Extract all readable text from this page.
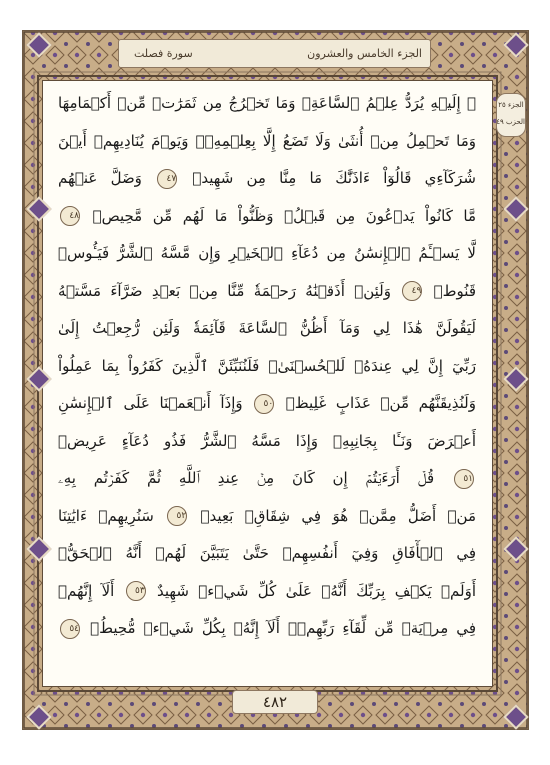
الجزء الخامس والعشرون
سورة فصلت
الجزء ٢٥
الحزب ٤٩
۞ إِلَيۡهِ يُرَدُّ عِلۡمُ ٱلسَّاعَةِۚ وَمَا تَخۡرُجُ مِن ثَمَرَٰتٖ مِّنۡ أَكۡمَامِهَا
وَمَا تَحۡمِلُ مِنۡ أُنثَىٰ وَلَا تَضَعُ إِلَّا بِعِلۡمِهِۦۚ وَيَوۡمَ يُنَادِيهِمۡ أَيۡنَ
شُرَكَآءِي قَالُوٓاْ ءَاذَنَّٰكَ مَا مِنَّا مِن شَهِيدٖ ٤٧ وَضَلَّ عَنۡهُم
مَّا كَانُواْ يَدۡعُونَ مِن قَبۡلُۖ وَظَنُّواْ مَا لَهُم مِّن مَّحِيصٖ ٤٨
لَّا يَسۡـَٔمُ ٱلۡإِنسَٰنُ مِن دُعَآءِ ٱلۡخَيۡرِ وَإِن مَّسَّهُ ٱلشَّرُّ فَيَـُٔوسٞ
قَنُوطٞ ٤٩ وَلَئِنۡ أَذَقۡنَٰهُ رَحۡمَةٗ مِّنَّا مِنۢ بَعۡدِ ضَرَّآءَ مَسَّتۡهُ
لَيَقُولَنَّ هَٰذَا لِي وَمَآ أَظُنُّ ٱلسَّاعَةَ قَآئِمَةٗ وَلَئِن رُّجِعۡتُ إِلَىٰ
رَبِّيٓ إِنَّ لِي عِندَهُۥ لَلۡحُسۡنَىٰۚ فَلَنُنَبِّئَنَّ ٱلَّذِينَ كَفَرُواْ بِمَا عَمِلُواْ
وَلَنُذِيقَنَّهُم مِّنۡ عَذَابٍ غَلِيظٖ ٥٠ وَإِذَآ أَنۡعَمۡنَا عَلَى ٱلۡإِنسَٰنِ
أَعۡرَضَ وَنَـَٔا بِجَانِبِهِۦ وَإِذَا مَسَّهُ ٱلشَّرُّ فَذُو دُعَآءٍ عَرِيضٖ
٥١ قُلۡ أَرَءَيۡتُمۡ إِن كَانَ مِنۡ عِندِ ٱللَّهِ ثُمَّ كَفَرۡتُم بِهِۦ
مَنۡ أَضَلُّ مِمَّنۡ هُوَ فِي شِقَاقِۭ بَعِيدٖ ٥٢ سَنُرِيهِمۡ ءَايَٰتِنَا
فِي ٱلۡأٓفَاقِ وَفِيٓ أَنفُسِهِمۡ حَتَّىٰ يَتَبَيَّنَ لَهُمۡ أَنَّهُ ٱلۡحَقُّۗ
أَوَلَمۡ يَكۡفِ بِرَبِّكَ أَنَّهُۥ عَلَىٰ كُلِّ شَيۡءٖ شَهِيدٌ ٥٣ أَلَآ إِنَّهُمۡ
فِي مِرۡيَةٖ مِّن لِّقَآءِ رَبِّهِمۡۗ أَلَآ إِنَّهُۥ بِكُلِّ شَيۡءٖ مُّحِيطُۢ ٥٤
٤٨٢
